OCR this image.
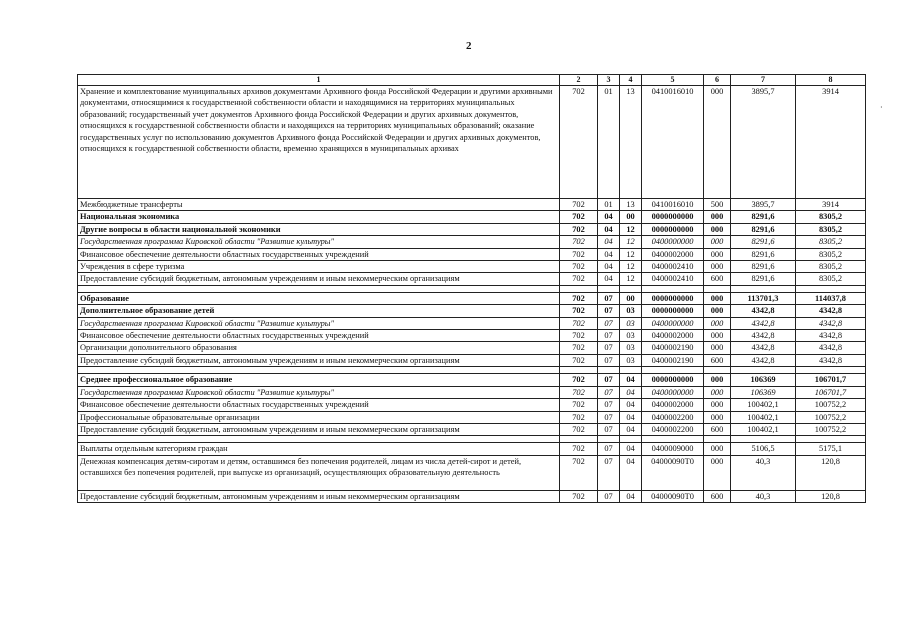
2
1	2	3	4	5	6	7	8
Хранение и комплектование муниципальных архивов документами Архивного фонда Российской Федерации и другими архивными документами, относящимися к государственной собственности области и находящимися на территориях муниципальных образований; государственный учет документов Архивного фонда Российской Федерации и других архивных документов, относящихся к государственной собственности области и находящихся на территориях муниципальных образований; оказание государственных услуг по использованию документов Архивного фонда Российской Федерации и других архивных документов, относящихся к государственной собственности области, временно хранящихся в муниципальных архивах	702	01	13	0410016010	000	3895,7	3914
Межбюджетные трансферты	702	01	13	0410016010	500	3895,7	3914
Национальная экономика	702	04	00	0000000000	000	8291,6	8305,2
Другие вопросы в области национальной экономики	702	04	12	0000000000	000	8291,6	8305,2
Государственная программа Кировской области "Развитие культуры"	702	04	12	0400000000	000	8291,6	8305,2
Финансовое обеспечение деятельности областных государственных учреждений	702	04	12	0400002000	000	8291,6	8305,2
Учреждения в сфере туризма	702	04	12	0400002410	000	8291,6	8305,2
Предоставление субсидий бюджетным, автономным учреждениям и иным некоммерческим организациям	702	04	12	0400002410	600	8291,6	8305,2

Образование	702	07	00	0000000000	000	113701,3	114037,8
Дополнительное образование детей	702	07	03	0000000000	000	4342,8	4342,8
Государственная программа Кировской области "Развитие культуры"	702	07	03	0400000000	000	4342,8	4342,8
Финансовое обеспечение деятельности областных государственных учреждений	702	07	03	0400002000	000	4342,8	4342,8
Организации дополнительного образования	702	07	03	0400002190	000	4342,8	4342,8
Предоставление субсидий бюджетным, автономным учреждениям и иным некоммерческим организациям	702	07	03	0400002190	600	4342,8	4342,8

Среднее профессиональное образование	702	07	04	0000000000	000	106369	106701,7
Государственная программа Кировской области "Развитие культуры"	702	07	04	0400000000	000	106369	106701,7
Финансовое обеспечение деятельности областных государственных учреждений	702	07	04	0400002000	000	100402,1	100752,2
Профессиональные образовательные организации	702	07	04	0400002200	000	100402,1	100752,2
Предоставление субсидий бюджетным, автономным учреждениям и иным некоммерческим организациям	702	07	04	0400002200	600	100402,1	100752,2

Выплаты отдельным категориям граждан	702	07	04	0400009000	000	5106,5	5175,1
Денежная компенсация детям-сиротам и детям, оставшимся без попечения родителей, лицам из числа детей-сирот и детей, оставшихся без попечения родителей, при выпуске из организаций, осуществляющих образовательную деятельность	702	07	04	04000090Т0	000	40,3	120,8
Предоставление субсидий бюджетным, автономным учреждениям и иным некоммерческим организациям	702	07	04	04000090Т0	600	40,3	120,8
·
